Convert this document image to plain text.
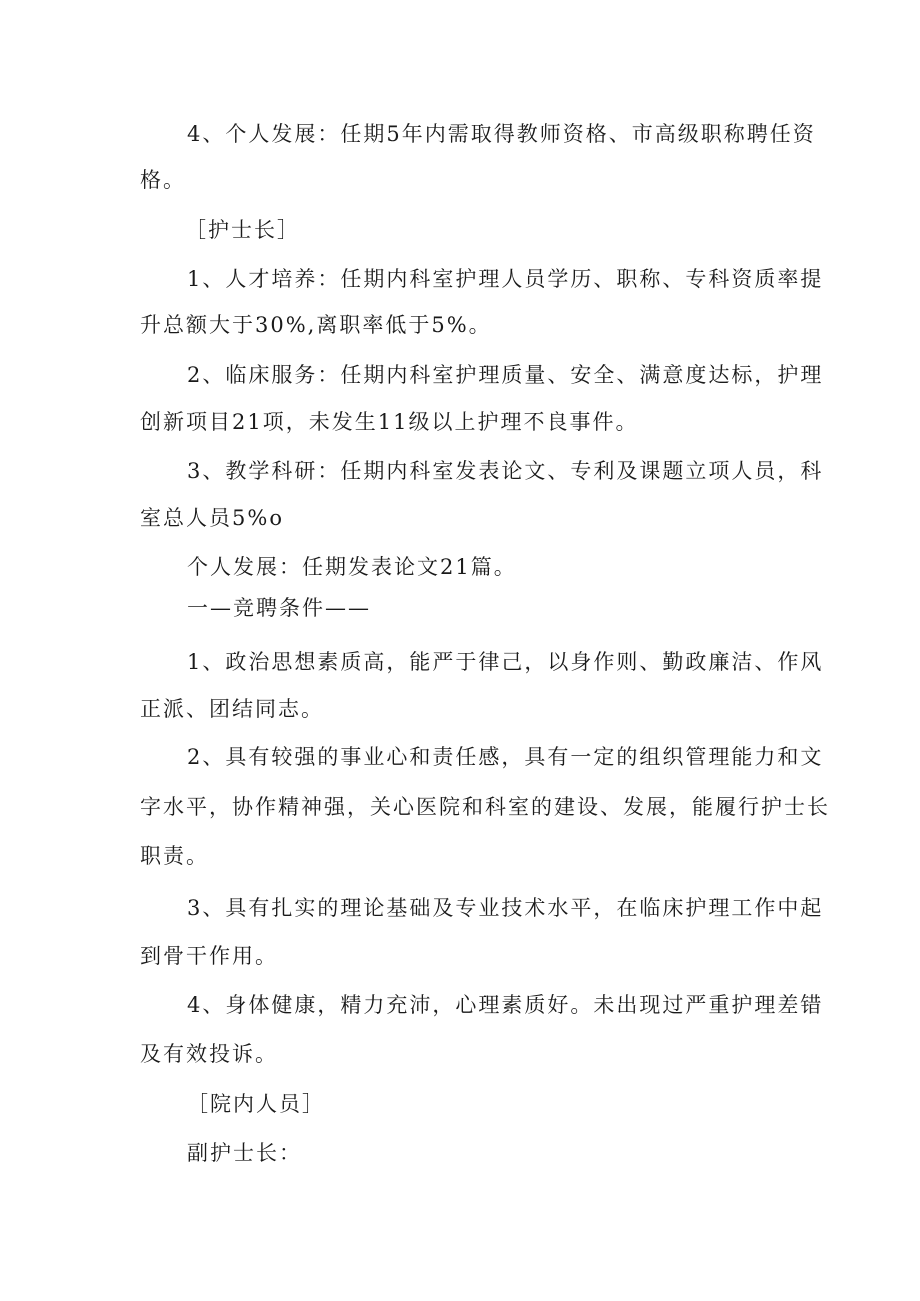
4、个人发展：任期5年内需取得教师资格、市高级职称聘任资
格。
［护士长］
1、人才培养：任期内科室护理人员学历、职称、专科资质率提
升总额大于30%,离职率低于5%。
2、临床服务：任期内科室护理质量、安全、满意度达标，护理
创新项目21项，未发生11级以上护理不良事件。
3、教学科研：任期内科室发表论文、专利及课题立项人员，科
室总人员5%o
个人发展：任期发表论文21篇。
一—竞聘条件——
1、政治思想素质高，能严于律己，以身作则、勤政廉洁、作风
正派、团结同志。
2、具有较强的事业心和责任感，具有一定的组织管理能力和文
字水平，协作精神强，关心医院和科室的建设、发展，能履行护士长
职责。
3、具有扎实的理论基础及专业技术水平，在临床护理工作中起
到骨干作用。
4、身体健康，精力充沛，心理素质好。未出现过严重护理差错
及有效投诉。
［院内人员］
副护士长：
